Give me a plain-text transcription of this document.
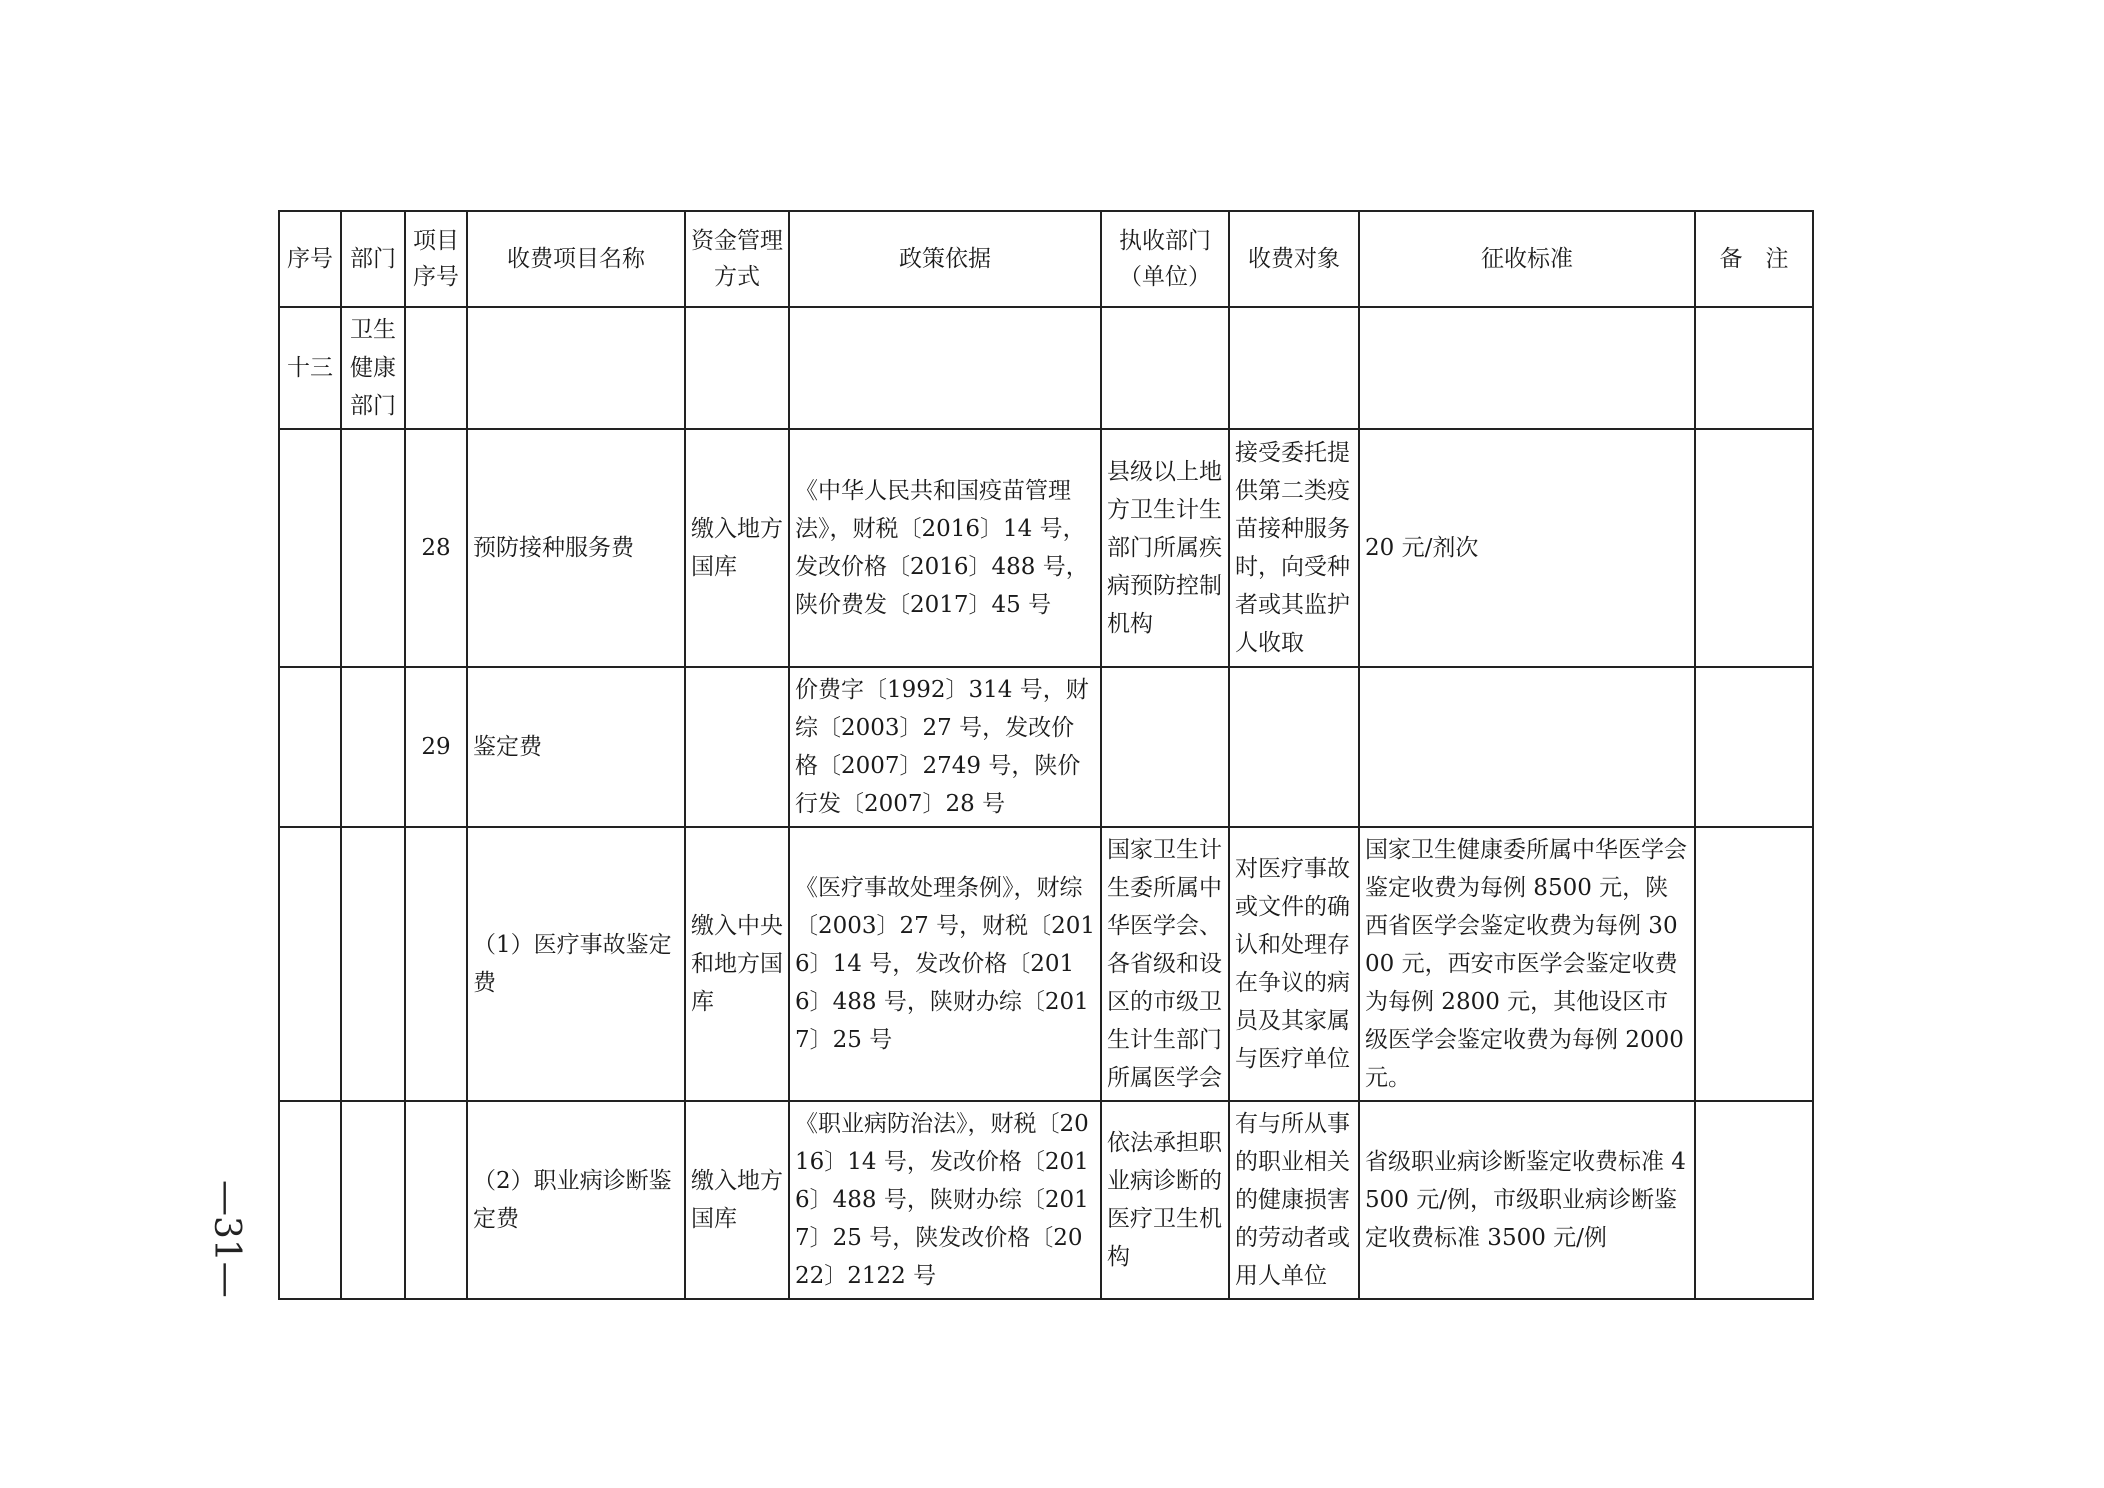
序号	部门	项目序号	收费项目名称	资金管理方式	政策依据	执收部门（单位）	收费对象	征收标准	备　注
十三	卫生健康部门								
		28	预防接种服务费	缴入地方国库	《中华人民共和国疫苗管理法》，财税〔2016〕14 号，发改价格〔2016〕488 号，陕价费发〔2017〕45 号	县级以上地方卫生计生部门所属疾病预防控制机构	接受委托提供第二类疫苗接种服务时，向受种者或其监护人收取	20 元/剂次	
		29	鉴定费		价费字〔1992〕314 号，财综〔2003〕27 号，发改价格〔2007〕2749 号，陕价行发〔2007〕28 号				
			（1）医疗事故鉴定费	缴入中央和地方国库	《医疗事故处理条例》，财综〔2003〕27 号，财税〔2016〕14 号，发改价格〔2016〕488 号，陕财办综〔2017〕25 号	国家卫生计生委所属中华医学会、各省级和设区的市级卫生计生部门所属医学会	对医疗事故或文件的确认和处理存在争议的病员及其家属与医疗单位	国家卫生健康委所属中华医学会鉴定收费为每例 8500 元，陕西省医学会鉴定收费为每例 3000 元，西安市医学会鉴定收费为每例 2800 元，其他设区市级医学会鉴定收费为每例 2000 元。	
			（2）职业病诊断鉴定费	缴入地方国库	《职业病防治法》，财税〔2016〕14 号，发改价格〔2016〕488 号，陕财办综〔2017〕25 号，陕发改价格〔2022〕2122 号	依法承担职业病诊断的医疗卫生机构	有与所从事的职业相关的健康损害的劳动者或用人单位	省级职业病诊断鉴定收费标准 4500 元/例，市级职业病诊断鉴定收费标准 3500 元/例	
—31—
